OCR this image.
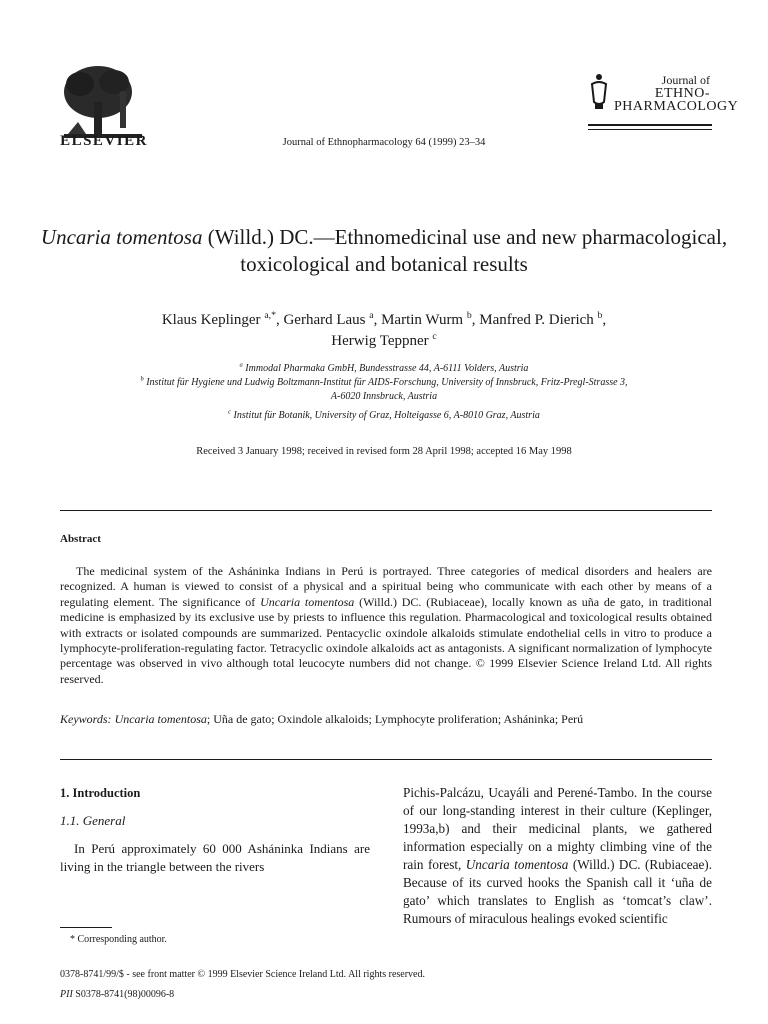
ELSEVIER	Journal of Ethnopharmacology 64 (1999) 23–34
Journal of
ETHNO-
PHARMACOLOGY
Uncaria tomentosa (Willd.) DC.—Ethnomedicinal use and new pharmacological, toxicological and botanical results
Klaus Keplinger $^{a,*}$, Gerhard Laus $^a$, Martin Wurm $^b$, Manfred P. Dierich $^b$,
Herwig Teppner $^c$
$^a$ Immodal Pharmaka GmbH, Bundesstrasse 44, A-6111 Volders, Austria
$^b$ Institut für Hygiene und Ludwig Boltzmann-Institut für AIDS-Forschung, University of Innsbruck, Fritz-Pregl-Strasse 3,
A-6020 Innsbruck, Austria
$^c$ Institut für Botanik, University of Graz, Holteigasse 6, A-8010 Graz, Austria
Received 3 January 1998; received in revised form 28 April 1998; accepted 16 May 1998
Abstract
The medicinal system of the Asháninka Indians in Perú is portrayed. Three categories of medical disorders and healers are recognized. A human is viewed to consist of a physical and a spiritual being who communicate with each other by means of a regulating element. The significance of Uncaria tomentosa (Willd.) DC. (Rubiaceae), locally known as uña de gato, in traditional medicine is emphasized by its exclusive use by priests to influence this regulation. Pharmacological and toxicological results obtained with extracts or isolated compounds are summarized. Pentacyclic oxindole alkaloids stimulate endothelial cells in vitro to produce a lymphocyte-proliferation-regulating factor. Tetracyclic oxindole alkaloids act as antagonists. A significant normalization of lymphocyte percentage was observed in vivo although total leucocyte numbers did not change. © 1999 Elsevier Science Ireland Ltd. All rights reserved.
Keywords: Uncaria tomentosa; Uña de gato; Oxindole alkaloids; Lymphocyte proliferation; Asháninka; Perú
1. Introduction
1.1. General
In Perú approximately 60 000 Asháninka Indians are living in the triangle between the rivers
Pichis-Palcázu, Ucayáli and Perené-Tambo. In the course of our long-standing interest in their culture (Keplinger, 1993a,b) and their medicinal plants, we gathered information especially on a mighty climbing vine of the rain forest, Uncaria tomentosa (Willd.) DC. (Rubiaceae). Because of its curved hooks the Spanish call it ‘uña de gato’ which translates to English as ‘tomcat’s claw’. Rumours of miraculous healings evoked scientific
* Corresponding author.
0378-8741/99/$ - see front matter © 1999 Elsevier Science Ireland Ltd. All rights reserved.
PII S0378-8741(98)00096-8
